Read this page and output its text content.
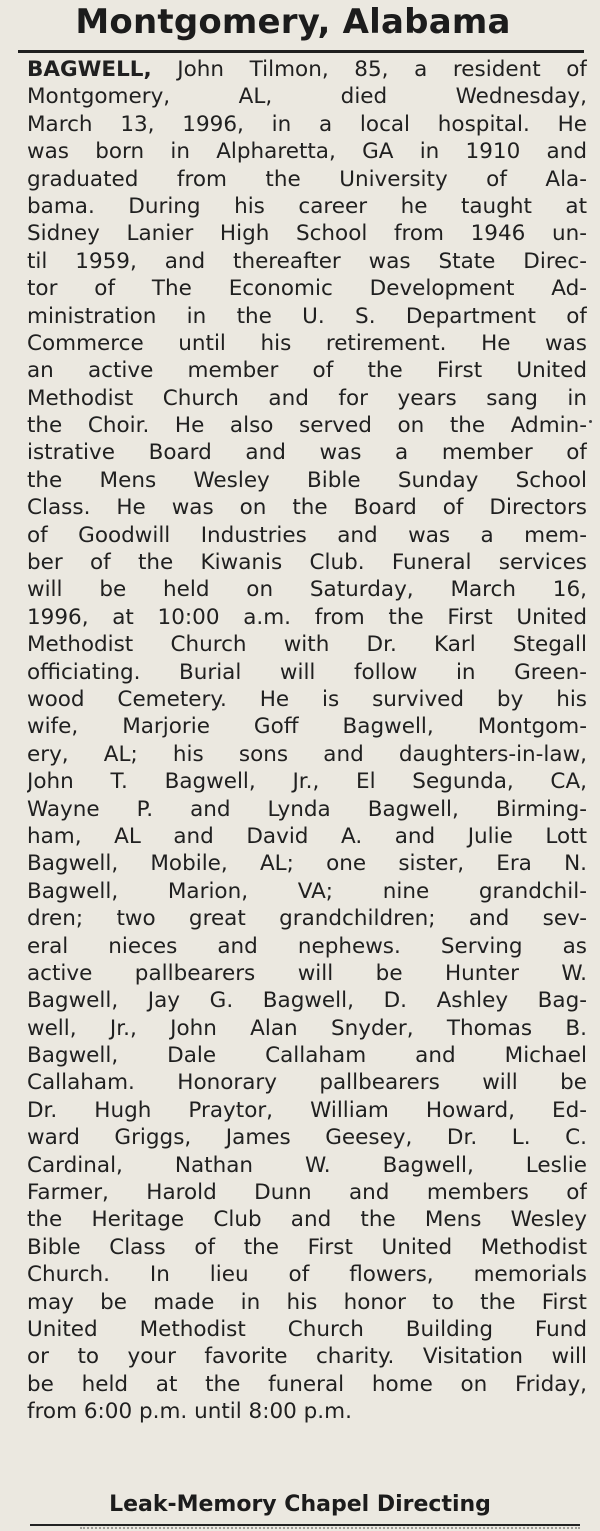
Montgomery, Alabama
BAGWELL, John Tilmon, 85, a resident of
Montgomery, AL, died Wednesday,
March 13, 1996, in a local hospital. He
was born in Alpharetta, GA in 1910 and
graduated from the University of Ala-
bama. During his career he taught at
Sidney Lanier High School from 1946 un-
til 1959, and thereafter was State Direc-
tor of The Economic Development Ad-
ministration in the U. S. Department of
Commerce until his retirement. He was
an active member of the First United
Methodist Church and for years sang in
the Choir. He also served on the Admin-
istrative Board and was a member of
the Mens Wesley Bible Sunday School
Class. He was on the Board of Directors
of Goodwill Industries and was a mem-
ber of the Kiwanis Club. Funeral services
will be held on Saturday, March 16,
1996, at 10:00 a.m. from the First United
Methodist Church with Dr. Karl Stegall
officiating. Burial will follow in Green-
wood Cemetery. He is survived by his
wife, Marjorie Goff Bagwell, Montgom-
ery, AL; his sons and daughters-in-law,
John T. Bagwell, Jr., El Segunda, CA,
Wayne P. and Lynda Bagwell, Birming-
ham, AL and David A. and Julie Lott
Bagwell, Mobile, AL; one sister, Era N.
Bagwell, Marion, VA; nine grandchil-
dren; two great grandchildren; and sev-
eral nieces and nephews. Serving as
active pallbearers will be Hunter W.
Bagwell, Jay G. Bagwell, D. Ashley Bag-
well, Jr., John Alan Snyder, Thomas B.
Bagwell, Dale Callaham and Michael
Callaham. Honorary pallbearers will be
Dr. Hugh Praytor, William Howard, Ed-
ward Griggs, James Geesey, Dr. L. C.
Cardinal, Nathan W. Bagwell, Leslie
Farmer, Harold Dunn and members of
the Heritage Club and the Mens Wesley
Bible Class of the First United Methodist
Church. In lieu of flowers, memorials
may be made in his honor to the First
United Methodist Church Building Fund
or to your favorite charity. Visitation will
be held at the funeral home on Friday,
from 6:00 p.m. until 8:00 p.m.
Leak-Memory Chapel Directing
